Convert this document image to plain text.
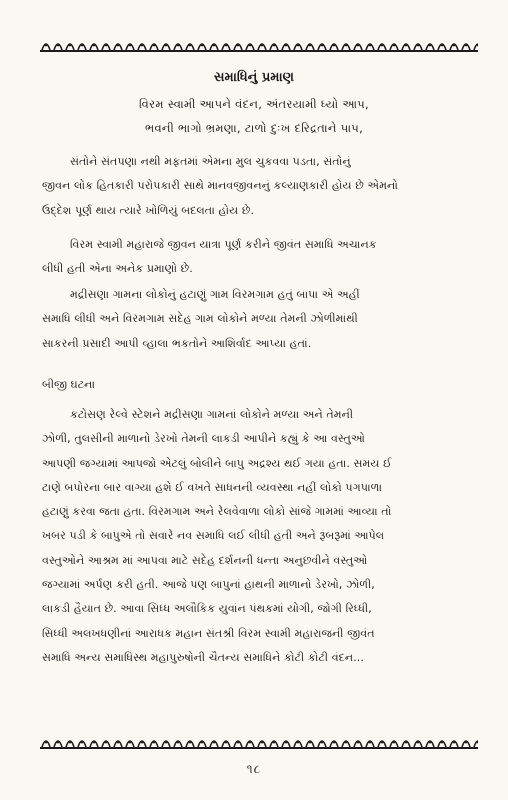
સમાધિનું પ્રમાણ
વિરમ સ્વામી આપને વંદન, અંતરયામી ધ્યો આપ,
ભવની ભાગો ભ્રમણા, ટાળો દુઃખ દરિદ્રતાને પાપ,

સંતોને સંતપણા નથી મફતમાં એમના મુલ ચુકવવા પડતા, સંતોનું

જીવન લોક હિતકારી પરોપકારી સાથે માનવજીવનનું કલ્યાણકારી હોય છે એમનો
ઉદ્દેશ પૂર્ણ થાય ત્યારે ખોળિયું બદલતા હોય છે.

વિરમ સ્વામી મહારાજે જીવન યાત્રા પૂર્ણ કરીને જીવંત સમાધિ અચાનક

લીધી હતી એના અનેક પ્રમાણો છે.

મદ્રીસણા ગામના લોકોનું હટાણું ગામ વિરમગામ હતું બાપા એ અહીં

સમાધિ લીધી અને વિરમગામ સદેહ ગામ લોકોને મળ્યા તેમની ઝોળીમાંથી
સાકરની પ્રસાદી આપી વ્હાલા ભકતોને આશિર્વાદ આપ્યા હતાં.
બીજી ઘટના

કટોસણ રેલ્વે સ્ટેશને મદ્રીસણા ગામનાં લોકોને મળ્યા અને તેમની

ઝોળી, તુલસીની માળાનો ડેરખો તેમની લાકડી આપીને કહ્યું કે આ વસ્તુઓ
આપણી જગ્યામાં આપજો એટલું બોલીને બાપુ અદ્રશ્ય થઈ ગયા હતા. સમય ઈ
ટાણે બપોરના બાર વાગ્યા હશે ઈ વખતે સાધનની વ્યવસ્થા નહીં લોકો પગપાળા
હટાણું કરવા જતા હતા. વિરમગામ અને રેલવેવાળા લોકો સાંજે ગામમાં આવ્યા તો
ખબર પડી કે બાપુએ તો સવારે નવ સમાધિ લઈ લીધી હતી અને રૂબરૂમાં આપેલ
વસ્તુઓને આશ્રમ માં આપવા માટે સદેહ દર્શનની ધન્તા અનુછવીને વસ્તુઓ
જગ્યામાં અર્પણ કરી હતી. આજે પણ બાપુનાં હાથની માળાનો ડેરખો, ઝોળી,
લાકડી હૈયાત છે. આવા સિધ્ધ અલૌકિક યુવાંન પંથકમાં યોગી, જોગી રિધ્ધી,
સિધ્ધી અલખધણીનાં આરાધક મહાન સંતશ્રી વિરમ સ્વામી મહારાજની જીવંત
સમાધિ અન્ય સમાધિસ્થ મહાપુરુષોની ચૈતન્ય સમાધિને કોટી કોટી વંદન...
૧૮
